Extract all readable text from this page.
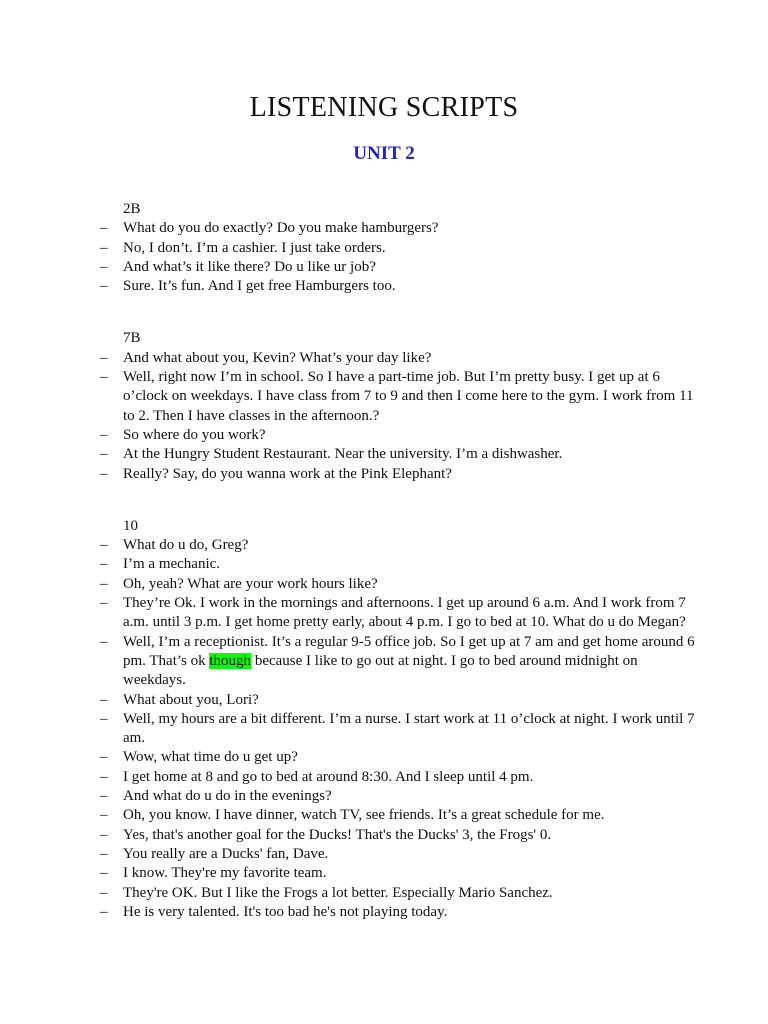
LISTENING SCRIPTS
UNIT 2
2B
–	What do you do exactly? Do you make hamburgers?
–	No, I don’t. I’m a cashier. I just take orders.
–	And what’s it like there? Do u like ur job?
–	Sure. It’s fun. And I get free Hamburgers too.
7B
–	And what about you, Kevin? What’s your day like?
–	Well, right now I’m in school. So I have a part-time job. But I’m pretty busy. I get up at 6 o’clock on weekdays. I have class from 7 to 9 and then I come here to the gym. I work from 11 to 2. Then I have classes in the afternoon.?
–	So where do you work?
–	At the Hungry Student Restaurant. Near the university. I’m a dishwasher.
–	Really? Say, do you wanna work at the Pink Elephant?
10
–	What do u do, Greg?
–	I’m a mechanic.
–	Oh, yeah? What are your work hours like?
–	They’re Ok. I work in the mornings and afternoons. I get up around 6 a.m. And I work from 7 a.m. until 3 p.m. I get home pretty early, about 4 p.m. I go to bed at 10. What do u do Megan?
–	Well, I’m a receptionist. It’s a regular 9-5 office job. So I get up at 7 am and get home around 6 pm. That’s ok though because I like to go out at night. I go to bed around midnight on weekdays.
–	What about you, Lori?
–	Well, my hours are a bit different. I’m a nurse. I start work at 11 o’clock at night. I work until 7 am.
–	Wow, what time do u get up?
–	I get home at 8 and go to bed at around 8:30. And I sleep until 4 pm.
–	And what do u do in the evenings?
–	Oh, you know. I have dinner, watch TV, see friends. It’s a great schedule for me.
–	Yes, that's another goal for the Ducks! That's the Ducks' 3, the Frogs' 0.
–	You really are a Ducks' fan, Dave.
–	I know. They're my favorite team.
–	They're OK. But I like the Frogs a lot better. Especially Mario Sanchez.
–	He is very talented. It's too bad he's not playing today.
